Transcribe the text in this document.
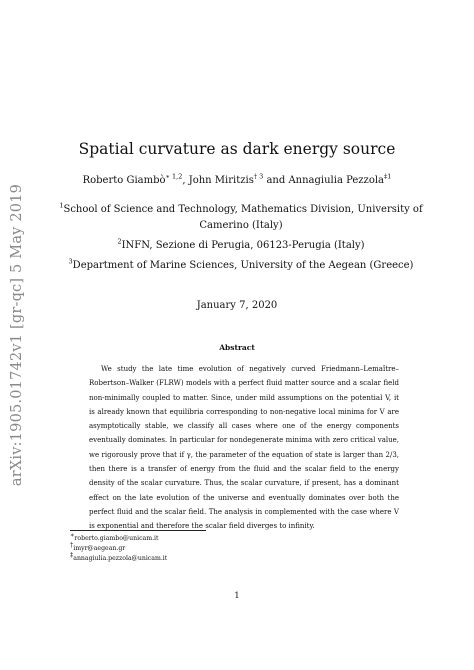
arXiv:1905.01742v1 [gr-qc] 5 May 2019
Spatial curvature as dark energy source
Roberto Giambò$^{∗ 1,2}$, John Miritzis$^{\dagger 3}$ and Annagiulia Pezzola$^{\ddagger 1}$
$^1$School of Science and Technology, Mathematics Division, University of Camerino (Italy)
$^2$INFN, Sezione di Perugia, 06123-Perugia (Italy)
$^3$Department of Marine Sciences, University of the Aegean (Greece)
January 7, 2020
Abstract

We study the late time evolution of negatively curved Friedmann–Lemaître–Robertson–Walker (FLRW) models with a perfect fluid matter source and a scalar field non-minimally coupled to matter. Since, under mild assumptions on the potential V, it is already known that equilibria corresponding to non-negative local minima for V are asymptotically stable, we classify all cases where one of the energy components eventually dominates. In particular for nondegenerate minima with zero critical value, we rigorously prove that if γ, the parameter of the equation of state is larger than 2/3, then there is a transfer of energy from the fluid and the scalar field to the energy density of the scalar curvature. Thus, the scalar curvature, if present, has a dominant effect on the late evolution of the universe and eventually dominates over both the perfect fluid and the scalar field. The analysis in complemented with the case where V is exponential and therefore the scalar field diverges to infinity.

∗roberto.giambo@unicam.it
†imyr@aegean.gr
‡annagiulia.pezzola@unicam.it
1
